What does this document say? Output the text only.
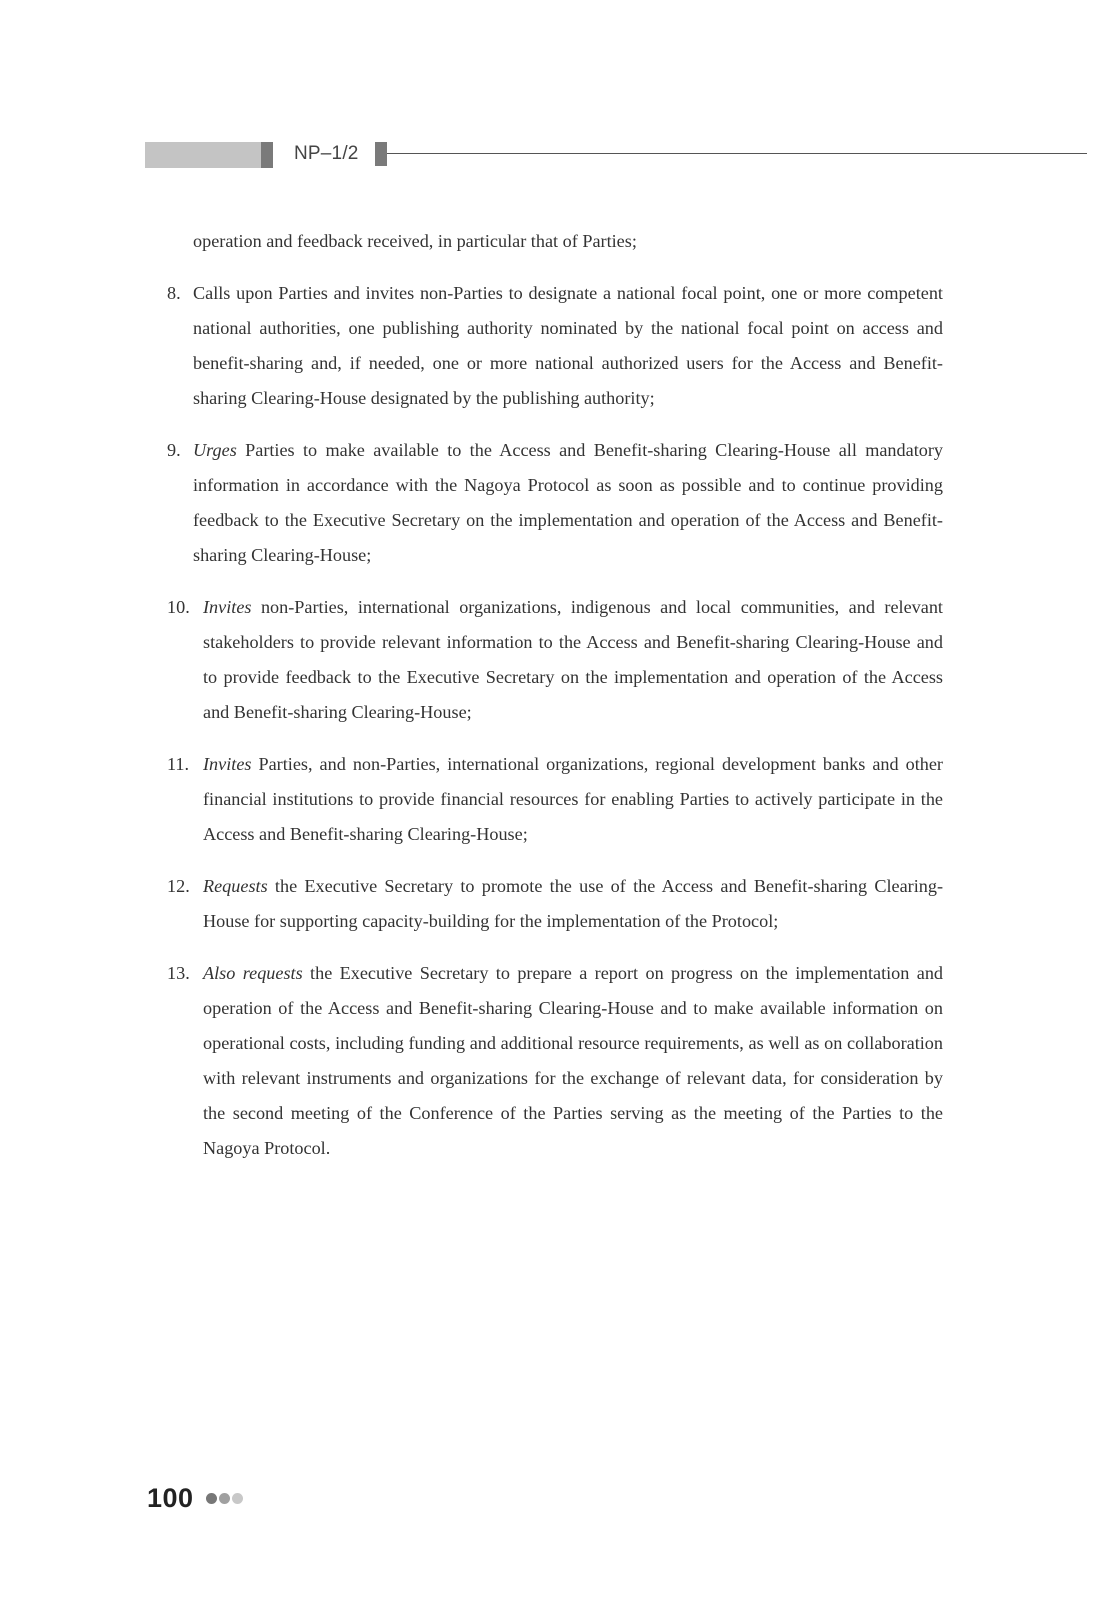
NP–1/2

operation and feedback received, in particular that of Parties;

8. Calls upon Parties and invites non-Parties to designate a national focal point, one or more competent national authorities, one publishing authority nominated by the national focal point on access and benefit-sharing and, if needed, one or more national authorized users for the Access and Benefit-sharing Clearing-House designated by the publishing authority;
9. Urges Parties to make available to the Access and Benefit-sharing Clearing-House all mandatory information in accordance with the Nagoya Protocol as soon as possible and to continue providing feedback to the Executive Secretary on the implementation and operation of the Access and Benefit-sharing Clearing-House;
10. Invites non-Parties, international organizations, indigenous and local communities, and relevant stakeholders to provide relevant information to the Access and Benefit-sharing Clearing-House and to provide feedback to the Executive Secretary on the implementation and operation of the Access and Benefit-sharing Clearing-House;
11. Invites Parties, and non-Parties, international organizations, regional development banks and other financial institutions to provide financial resources for enabling Parties to actively participate in the Access and Benefit-sharing Clearing-House;
12. Requests the Executive Secretary to promote the use of the Access and Benefit-sharing Clearing-House for supporting capacity-building for the implementation of the Protocol;
13. Also requests the Executive Secretary to prepare a report on progress on the implementation and operation of the Access and Benefit-sharing Clearing-House and to make available information on operational costs, including funding and additional resource requirements, as well as on collaboration with relevant instruments and organizations for the exchange of relevant data, for consideration by the second meeting of the Conference of the Parties serving as the meeting of the Parties to the Nagoya Protocol.
100
